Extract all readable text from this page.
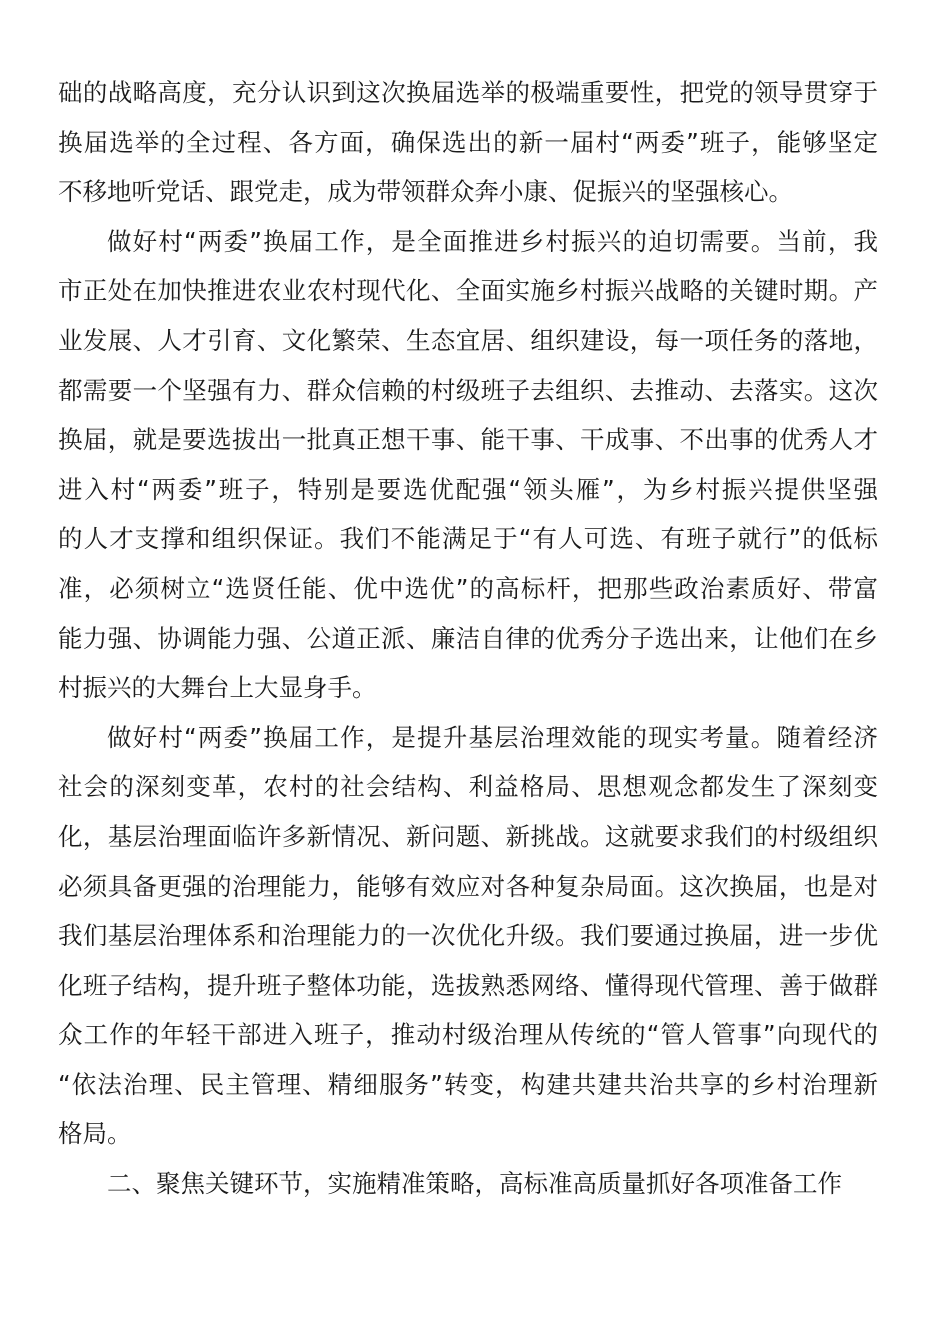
础的战略高度，充分认识到这次换届选举的极端重要性，把党的领导贯穿于
换届选举的全过程、各方面，确保选出的新一届村“两委”班子，能够坚定
不移地听党话、跟党走，成为带领群众奔小康、促振兴的坚强核心。
做好村“两委”换届工作，是全面推进乡村振兴的迫切需要。当前，我
市正处在加快推进农业农村现代化、全面实施乡村振兴战略的关键时期。产
业发展、人才引育、文化繁荣、生态宜居、组织建设，每一项任务的落地，
都需要一个坚强有力、群众信赖的村级班子去组织、去推动、去落实。这次
换届，就是要选拔出一批真正想干事、能干事、干成事、不出事的优秀人才
进入村“两委”班子，特别是要选优配强“领头雁”，为乡村振兴提供坚强
的人才支撑和组织保证。我们不能满足于“有人可选、有班子就行”的低标
准，必须树立“选贤任能、优中选优”的高标杆，把那些政治素质好、带富
能力强、协调能力强、公道正派、廉洁自律的优秀分子选出来，让他们在乡
村振兴的大舞台上大显身手。
做好村“两委”换届工作，是提升基层治理效能的现实考量。随着经济
社会的深刻变革，农村的社会结构、利益格局、思想观念都发生了深刻变
化，基层治理面临许多新情况、新问题、新挑战。这就要求我们的村级组织
必须具备更强的治理能力，能够有效应对各种复杂局面。这次换届，也是对
我们基层治理体系和治理能力的一次优化升级。我们要通过换届，进一步优
化班子结构，提升班子整体功能，选拔熟悉网络、懂得现代管理、善于做群
众工作的年轻干部进入班子，推动村级治理从传统的“管人管事”向现代的
“依法治理、民主管理、精细服务”转变，构建共建共治共享的乡村治理新
格局。
二、聚焦关键环节，实施精准策略，高标准高质量抓好各项准备工作
